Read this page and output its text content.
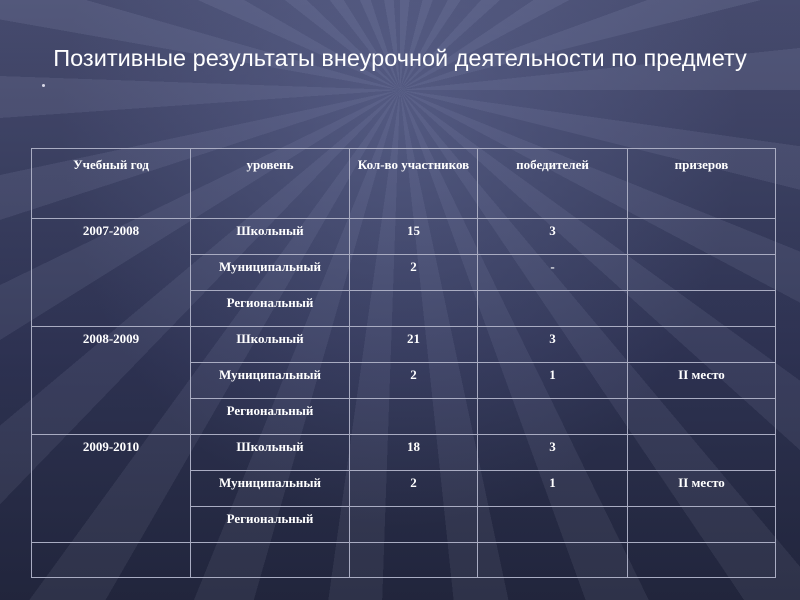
Позитивные результаты внеурочной деятельности по предмету
Учебный год	уровень	Кол-во участников	победителей	призеров
2007-2008	Школьный	15	3	
	Муниципальный	2	-	
	Региональный			
2008-2009	Школьный	21	3	
	Муниципальный	2	1	II место
	Региональный			
2009-2010	Школьный	18	3	
	Муниципальный	2	1	II место
	Региональный			
